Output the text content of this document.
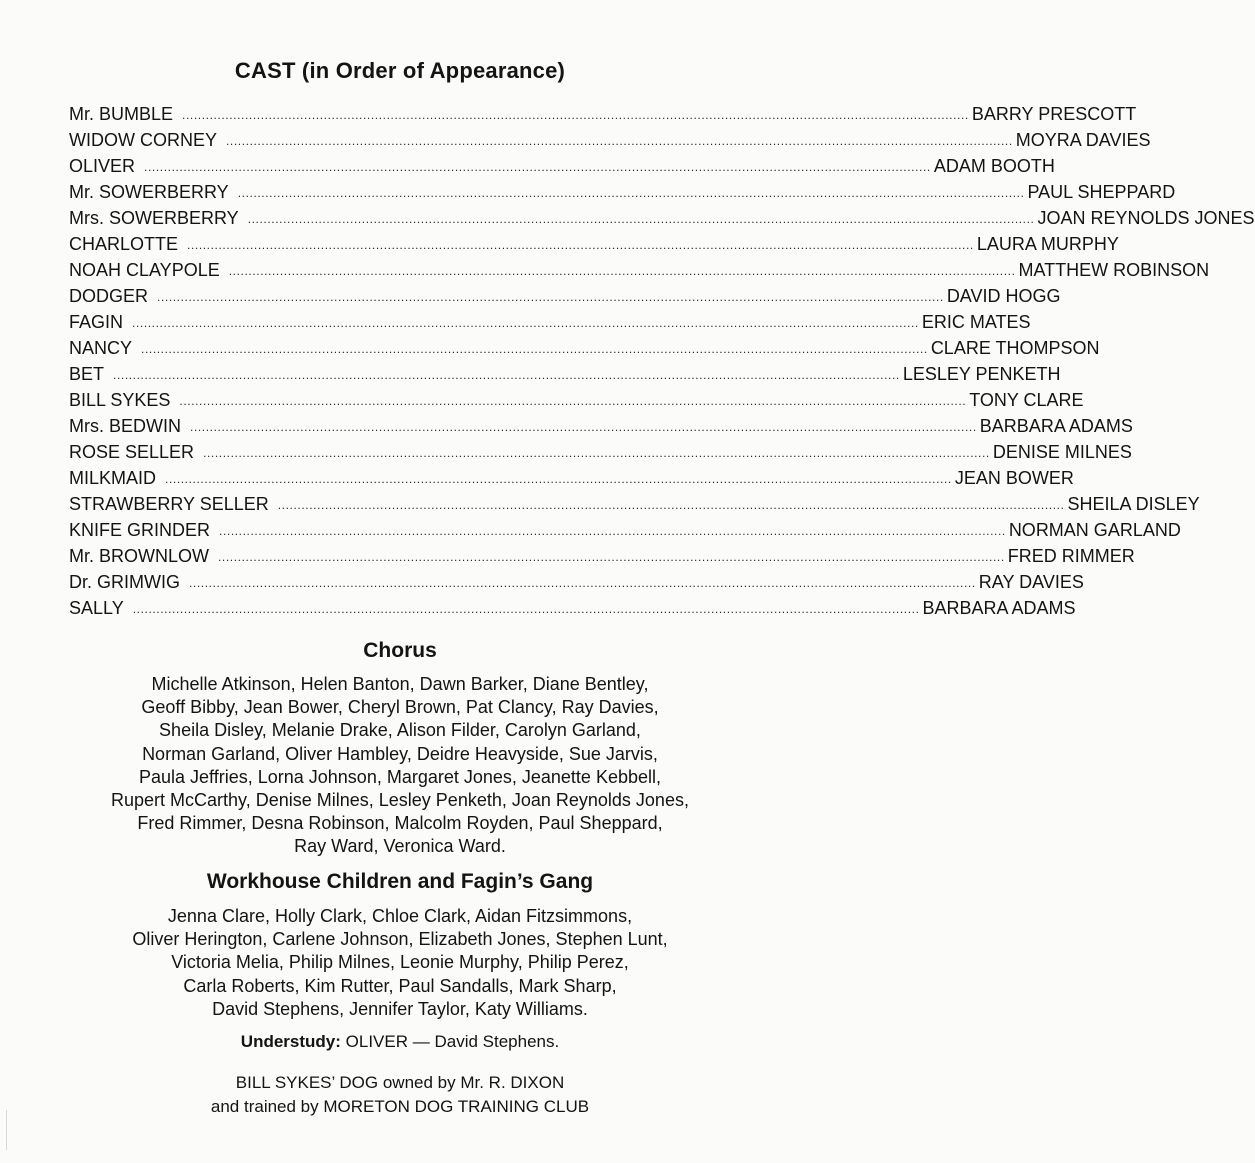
CAST (in Order of Appearance)
Mr. BUMBLE ........................................................................................................................................................................................................ BARRY PRESCOTT
WIDOW CORNEY ........................................................................................................................................................................................................ MOYRA DAVIES
OLIVER ........................................................................................................................................................................................................ ADAM BOOTH
Mr. SOWERBERRY ........................................................................................................................................................................................................ PAUL SHEPPARD
Mrs. SOWERBERRY ........................................................................................................................................................................................................ JOAN REYNOLDS JONES
CHARLOTTE ........................................................................................................................................................................................................ LAURA MURPHY
NOAH CLAYPOLE ........................................................................................................................................................................................................ MATTHEW ROBINSON
DODGER ........................................................................................................................................................................................................ DAVID HOGG
FAGIN ........................................................................................................................................................................................................ ERIC MATES
NANCY ........................................................................................................................................................................................................ CLARE THOMPSON
BET ........................................................................................................................................................................................................ LESLEY PENKETH
BILL SYKES ........................................................................................................................................................................................................ TONY CLARE
Mrs. BEDWIN ........................................................................................................................................................................................................ BARBARA ADAMS
ROSE SELLER ........................................................................................................................................................................................................ DENISE MILNES
MILKMAID ........................................................................................................................................................................................................ JEAN BOWER
STRAWBERRY SELLER ........................................................................................................................................................................................................ SHEILA DISLEY
KNIFE GRINDER ........................................................................................................................................................................................................ NORMAN GARLAND
Mr. BROWNLOW ........................................................................................................................................................................................................ FRED RIMMER
Dr. GRIMWIG ........................................................................................................................................................................................................ RAY DAVIES
SALLY ........................................................................................................................................................................................................ BARBARA ADAMS
Chorus
Michelle Atkinson, Helen Banton, Dawn Barker, Diane Bentley,
Geoff Bibby, Jean Bower, Cheryl Brown, Pat Clancy, Ray Davies,
Sheila Disley, Melanie Drake, Alison Filder, Carolyn Garland,
Norman Garland, Oliver Hambley, Deidre Heavyside, Sue Jarvis,
Paula Jeffries, Lorna Johnson, Margaret Jones, Jeanette Kebbell,
Rupert McCarthy, Denise Milnes, Lesley Penketh, Joan Reynolds Jones,
Fred Rimmer, Desna Robinson, Malcolm Royden, Paul Sheppard,
Ray Ward, Veronica Ward.
Workhouse Children and Fagin’s Gang
Jenna Clare, Holly Clark, Chloe Clark, Aidan Fitzsimmons,
Oliver Herington, Carlene Johnson, Elizabeth Jones, Stephen Lunt,
Victoria Melia, Philip Milnes, Leonie Murphy, Philip Perez,
Carla Roberts, Kim Rutter, Paul Sandalls, Mark Sharp,
David Stephens, Jennifer Taylor, Katy Williams.
Understudy: OLIVER — David Stephens.
BILL SYKES’ DOG owned by Mr. R. DIXON
and trained by MORETON DOG TRAINING CLUB
